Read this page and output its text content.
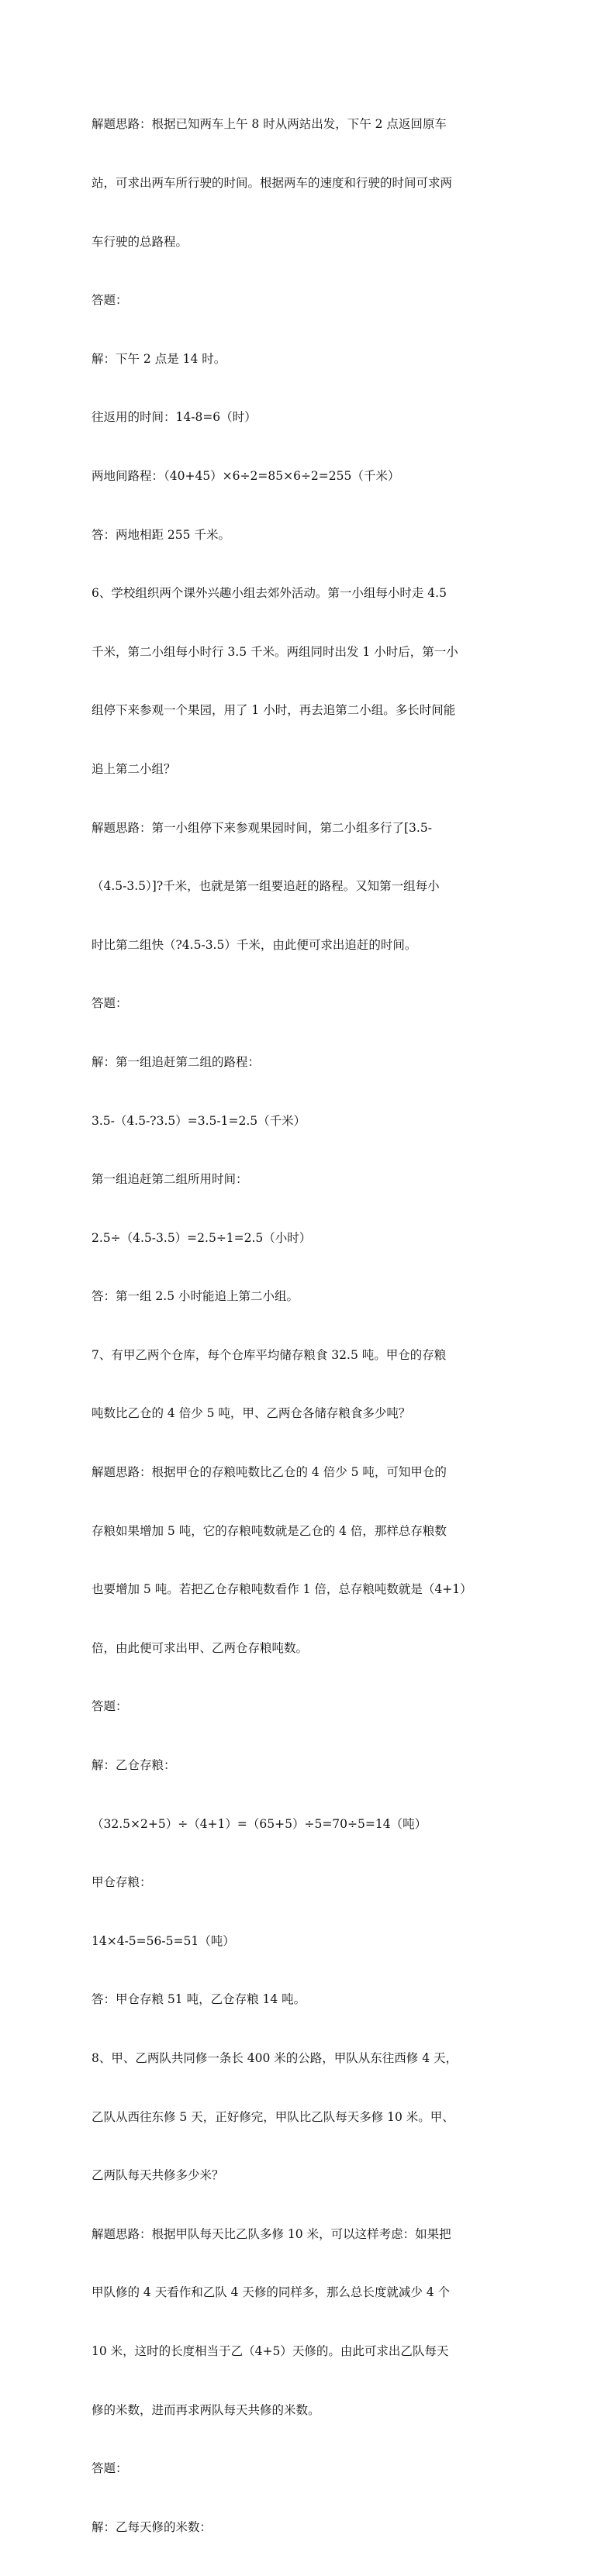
解题思路：根据已知两车上午 8 时从两站出发，下午 2 点返回原车

站，可求出两车所行驶的时间。根据两车的速度和行驶的时间可求两

车行驶的总路程。

答题：

解：下午 2 点是 14 时。

往返用的时间：14-8=6（时）

两地间路程：（40+45）×6÷2=85×6÷2=255（千米）

答：两地相距 255 千米。

6、学校组织两个课外兴趣小组去郊外活动。第一小组每小时走 4.5

千米，第二小组每小时行 3.5 千米。两组同时出发 1 小时后，第一小

组停下来参观一个果园，用了 1 小时，再去追第二小组。多长时间能

追上第二小组？

解题思路：第一小组停下来参观果园时间，第二小组多行了[3.5-

（4.5-3.5）]?千米，也就是第一组要追赶的路程。又知第一组每小

时比第二组快（?4.5-3.5）千米，由此便可求出追赶的时间。

答题：

解：第一组追赶第二组的路程：

3.5-（4.5-?3.5）=3.5-1=2.5（千米）

第一组追赶第二组所用时间：

2.5÷（4.5-3.5）=2.5÷1=2.5（小时）

答：第一组 2.5 小时能追上第二小组。

7、有甲乙两个仓库，每个仓库平均储存粮食 32.5 吨。甲仓的存粮

吨数比乙仓的 4 倍少 5 吨，甲、乙两仓各储存粮食多少吨？

解题思路：根据甲仓的存粮吨数比乙仓的 4 倍少 5 吨，可知甲仓的

存粮如果增加 5 吨，它的存粮吨数就是乙仓的 4 倍，那样总存粮数

也要增加 5 吨。若把乙仓存粮吨数看作 1 倍，总存粮吨数就是（4+1）

倍，由此便可求出甲、乙两仓存粮吨数。

答题：

解：乙仓存粮：

（32.5×2+5）÷（4+1）=（65+5）÷5=70÷5=14（吨）

甲仓存粮：

14×4-5=56-5=51（吨）

答：甲仓存粮 51 吨，乙仓存粮 14 吨。

8、甲、乙两队共同修一条长 400 米的公路，甲队从东往西修 4 天，

乙队从西往东修 5 天，正好修完，甲队比乙队每天多修 10 米。甲、

乙两队每天共修多少米？

解题思路：根据甲队每天比乙队多修 10 米，可以这样考虑：如果把

甲队修的 4 天看作和乙队 4 天修的同样多，那么总长度就减少 4 个

10 米，这时的长度相当于乙（4+5）天修的。由此可求出乙队每天

修的米数，进而再求两队每天共修的米数。

答题：

解：乙每天修的米数：
